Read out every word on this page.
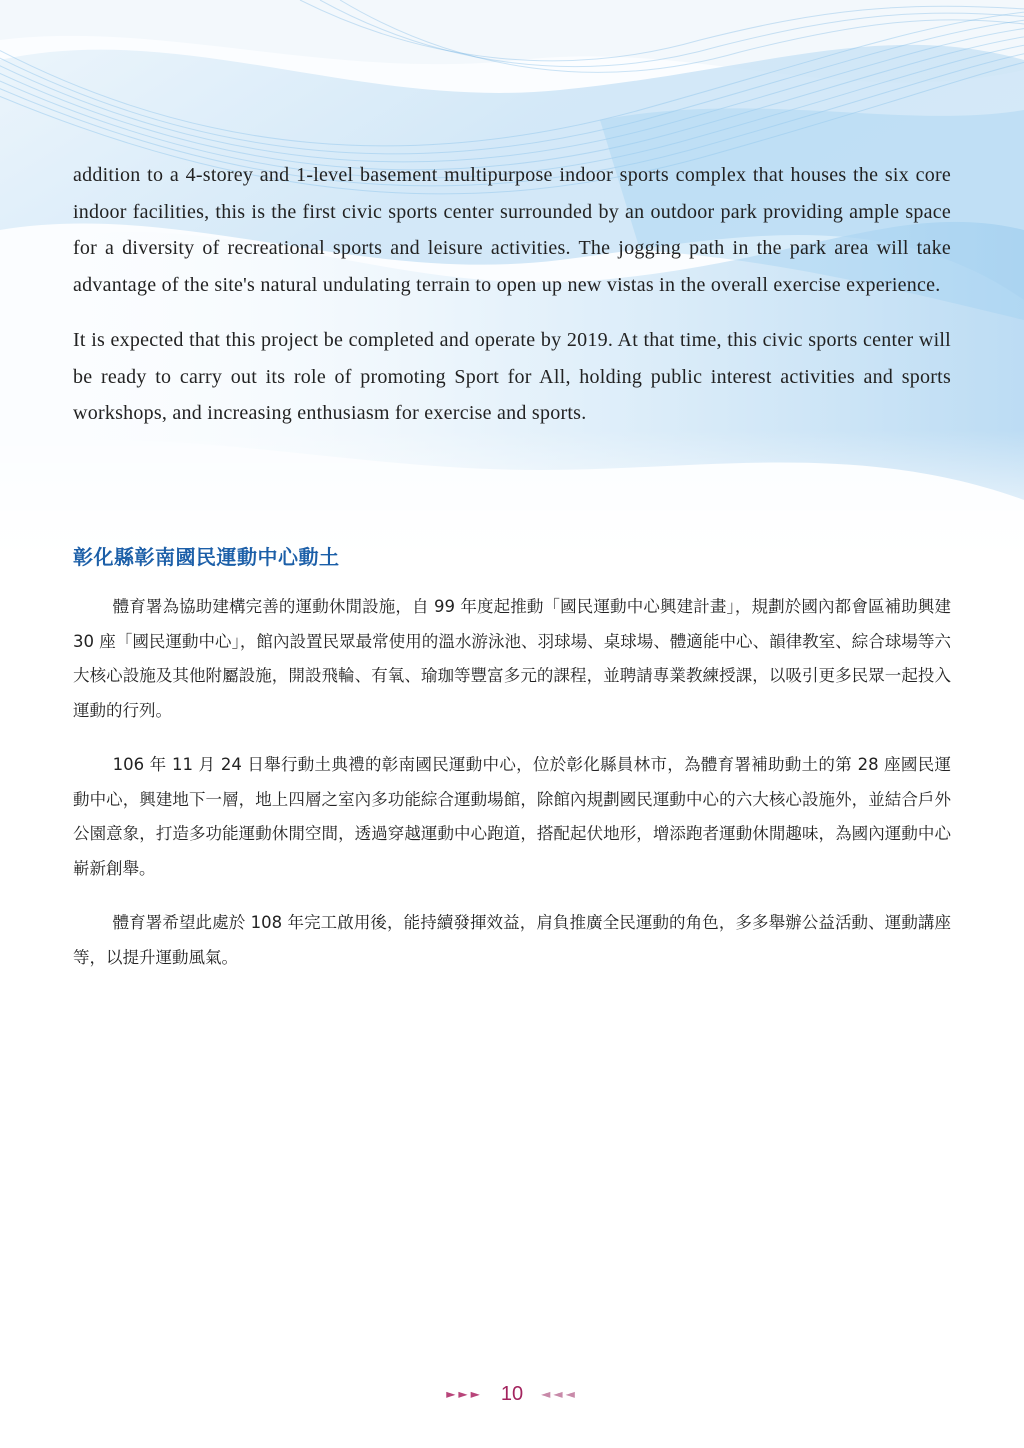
addition to a 4-storey and 1-level basement multipurpose indoor sports complex that houses the six core indoor facilities, this is the first civic sports center surrounded by an outdoor park providing ample space for a diversity of recreational sports and leisure activities. The jogging path in the park area will take advantage of the site's natural undulating terrain to open up new vistas in the overall exercise experience.

It is expected that this project be completed and operate by 2019. At that time, this civic sports center will be ready to carry out its role of promoting Sport for All, holding public interest activities and sports workshops, and increasing enthusiasm for exercise and sports.

彰化縣彰南國民運動中心動土

體育署為協助建構完善的運動休閒設施，自 99 年度起推動「國民運動中心興建計畫」，規劃於國內都會區補助興建 30 座「國民運動中心」，館內設置民眾最常使用的溫水游泳池、羽球場、桌球場、體適能中心、韻律教室、綜合球場等六大核心設施及其他附屬設施，開設飛輪、有氧、瑜珈等豐富多元的課程，並聘請專業教練授課，以吸引更多民眾一起投入運動的行列。

106 年 11 月 24 日舉行動土典禮的彰南國民運動中心，位於彰化縣員林市，為體育署補助動土的第 28 座國民運動中心，興建地下一層，地上四層之室內多功能綜合運動場館，除館內規劃國民運動中心的六大核心設施外，並結合戶外公園意象，打造多功能運動休閒空間，透過穿越運動中心跑道，搭配起伏地形，增添跑者運動休閒趣味，為國內運動中心嶄新創舉。

體育署希望此處於 108 年完工啟用後，能持續發揮效益，肩負推廣全民運動的角色，多多舉辦公益活動、運動講座等，以提升運動風氣。

►►► 10 ◄◄◄
